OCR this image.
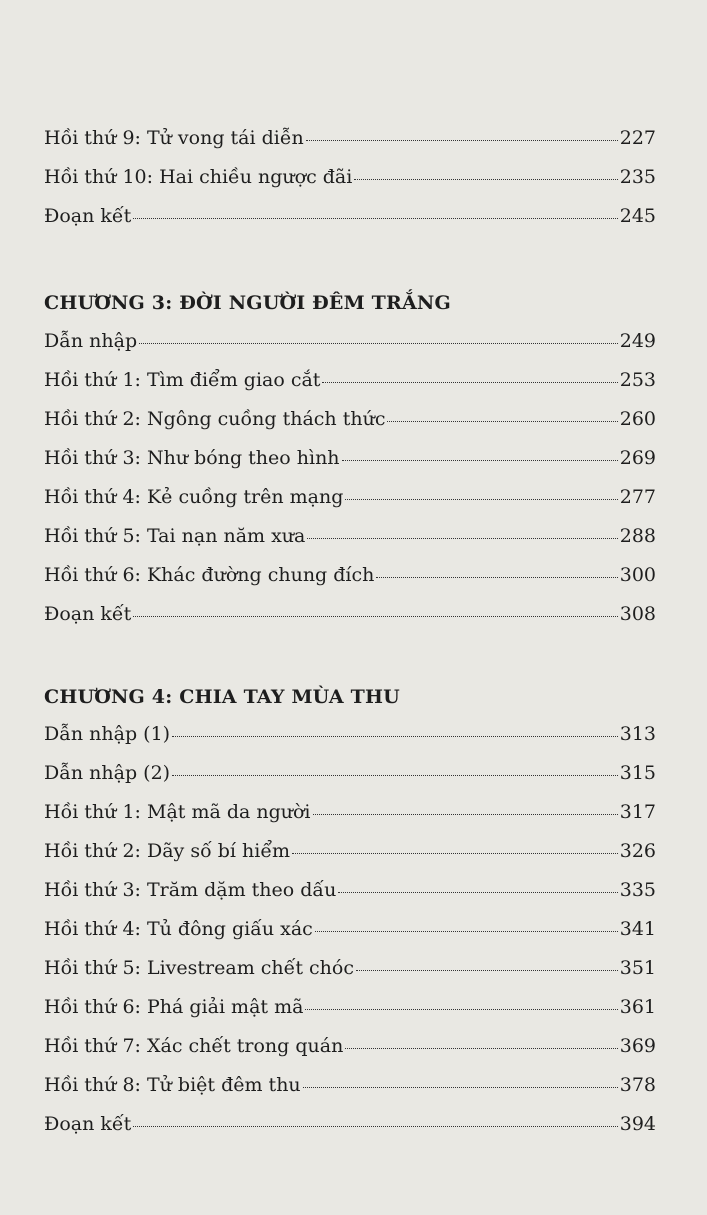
Hồi thứ 9: Tử vong tái diễn	227
Hồi thứ 10: Hai chiều ngược đãi	235
Đoạn kết	245
CHƯƠNG 3: ĐỜI NGƯỜI ĐÊM TRẮNG
Dẫn nhập	249
Hồi thứ 1: Tìm điểm giao cắt	253
Hồi thứ 2: Ngông cuồng thách thức	260
Hồi thứ 3: Như bóng theo hình	269
Hồi thứ 4: Kẻ cuồng trên mạng	277
Hồi thứ 5: Tai nạn năm xưa	288
Hồi thứ 6: Khác đường chung đích	300
Đoạn kết	308
CHƯƠNG 4: CHIA TAY MÙA THU
Dẫn nhập (1)	313
Dẫn nhập (2)	315
Hồi thứ 1: Mật mã da người	317
Hồi thứ 2: Dãy số bí hiểm	326
Hồi thứ 3: Trăm dặm theo dấu	335
Hồi thứ 4: Tủ đông giấu xác	341
Hồi thứ 5: Livestream chết chóc	351
Hồi thứ 6: Phá giải mật mã	361
Hồi thứ 7: Xác chết trong quán	369
Hồi thứ 8: Tử biệt đêm thu	378
Đoạn kết	394
